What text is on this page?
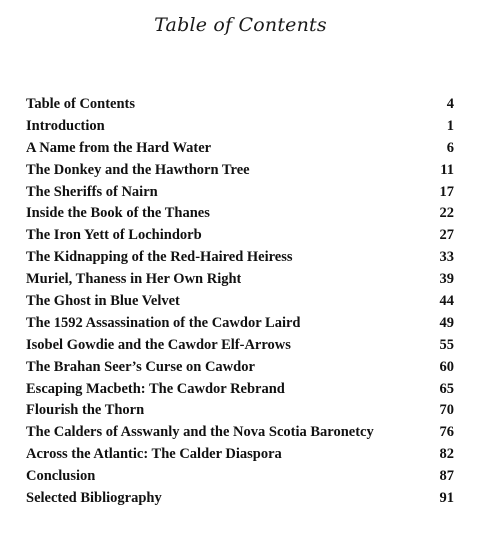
Table of Contents
Table of Contents	4
Introduction	1
A Name from the Hard Water	6
The Donkey and the Hawthorn Tree	11
The Sheriffs of Nairn	17
Inside the Book of the Thanes	22
The Iron Yett of Lochindorb	27
The Kidnapping of the Red-Haired Heiress	33
Muriel, Thaness in Her Own Right	39
The Ghost in Blue Velvet	44
The 1592 Assassination of the Cawdor Laird	49
Isobel Gowdie and the Cawdor Elf-Arrows	55
The Brahan Seer’s Curse on Cawdor	60
Escaping Macbeth: The Cawdor Rebrand	65
Flourish the Thorn	70
The Calders of Asswanly and the Nova Scotia Baronetcy	76
Across the Atlantic: The Calder Diaspora	82
Conclusion	87
Selected Bibliography	91
